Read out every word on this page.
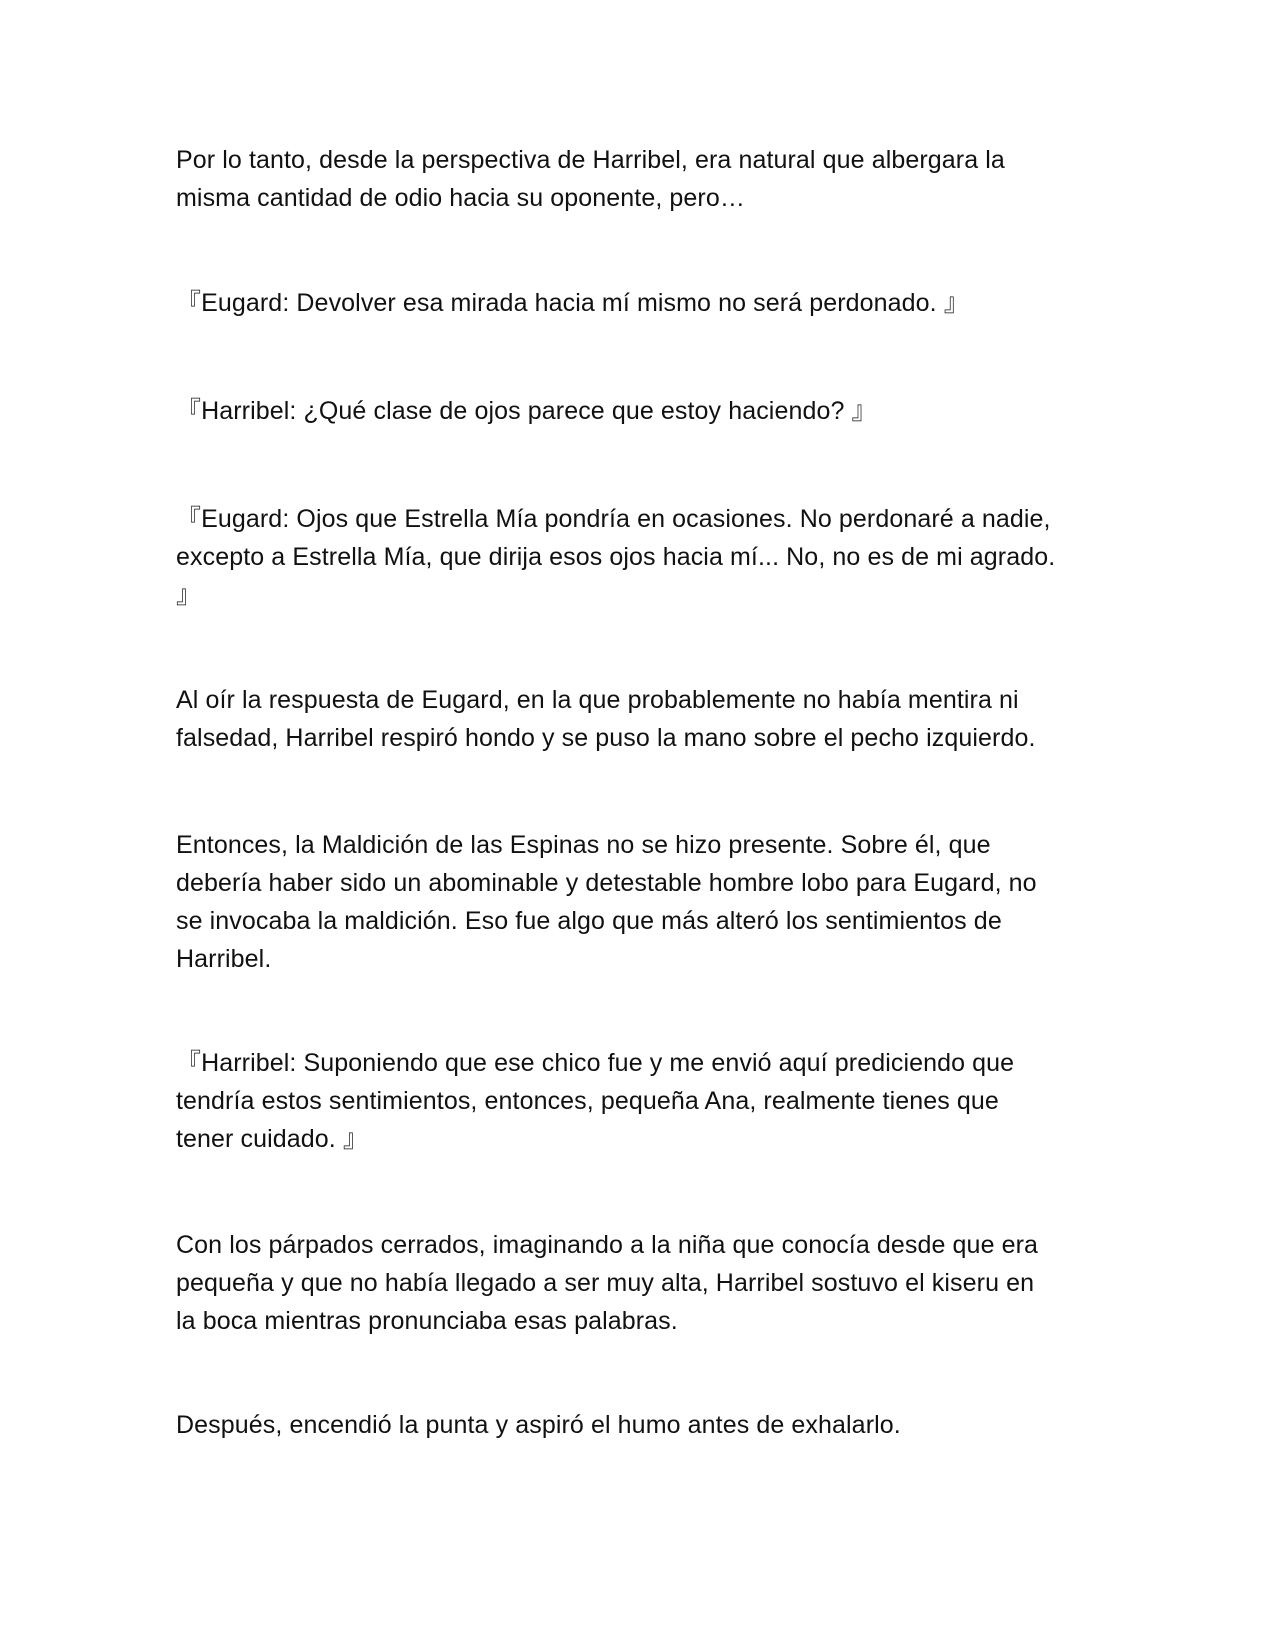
Por lo tanto, desde la perspectiva de Harribel, era natural que albergara la
misma cantidad de odio hacia su oponente, pero…

『Eugard: Devolver esa mirada hacia mí mismo no será perdonado. 』

『Harribel: ¿Qué clase de ojos parece que estoy haciendo? 』

『Eugard: Ojos que Estrella Mía pondría en ocasiones. No perdonaré a nadie,
excepto a Estrella Mía, que dirija esos ojos hacia mí... No, no es de mi agrado.
』

Al oír la respuesta de Eugard, en la que probablemente no había mentira ni
falsedad, Harribel respiró hondo y se puso la mano sobre el pecho izquierdo.

Entonces, la Maldición de las Espinas no se hizo presente. Sobre él, que
debería haber sido un abominable y detestable hombre lobo para Eugard, no
se invocaba la maldición. Eso fue algo que más alteró los sentimientos de
Harribel.

『Harribel: Suponiendo que ese chico fue y me envió aquí prediciendo que
tendría estos sentimientos, entonces, pequeña Ana, realmente tienes que
tener cuidado. 』

Con los párpados cerrados, imaginando a la niña que conocía desde que era
pequeña y que no había llegado a ser muy alta, Harribel sostuvo el kiseru en
la boca mientras pronunciaba esas palabras.

Después, encendió la punta y aspiró el humo antes de exhalarlo.
